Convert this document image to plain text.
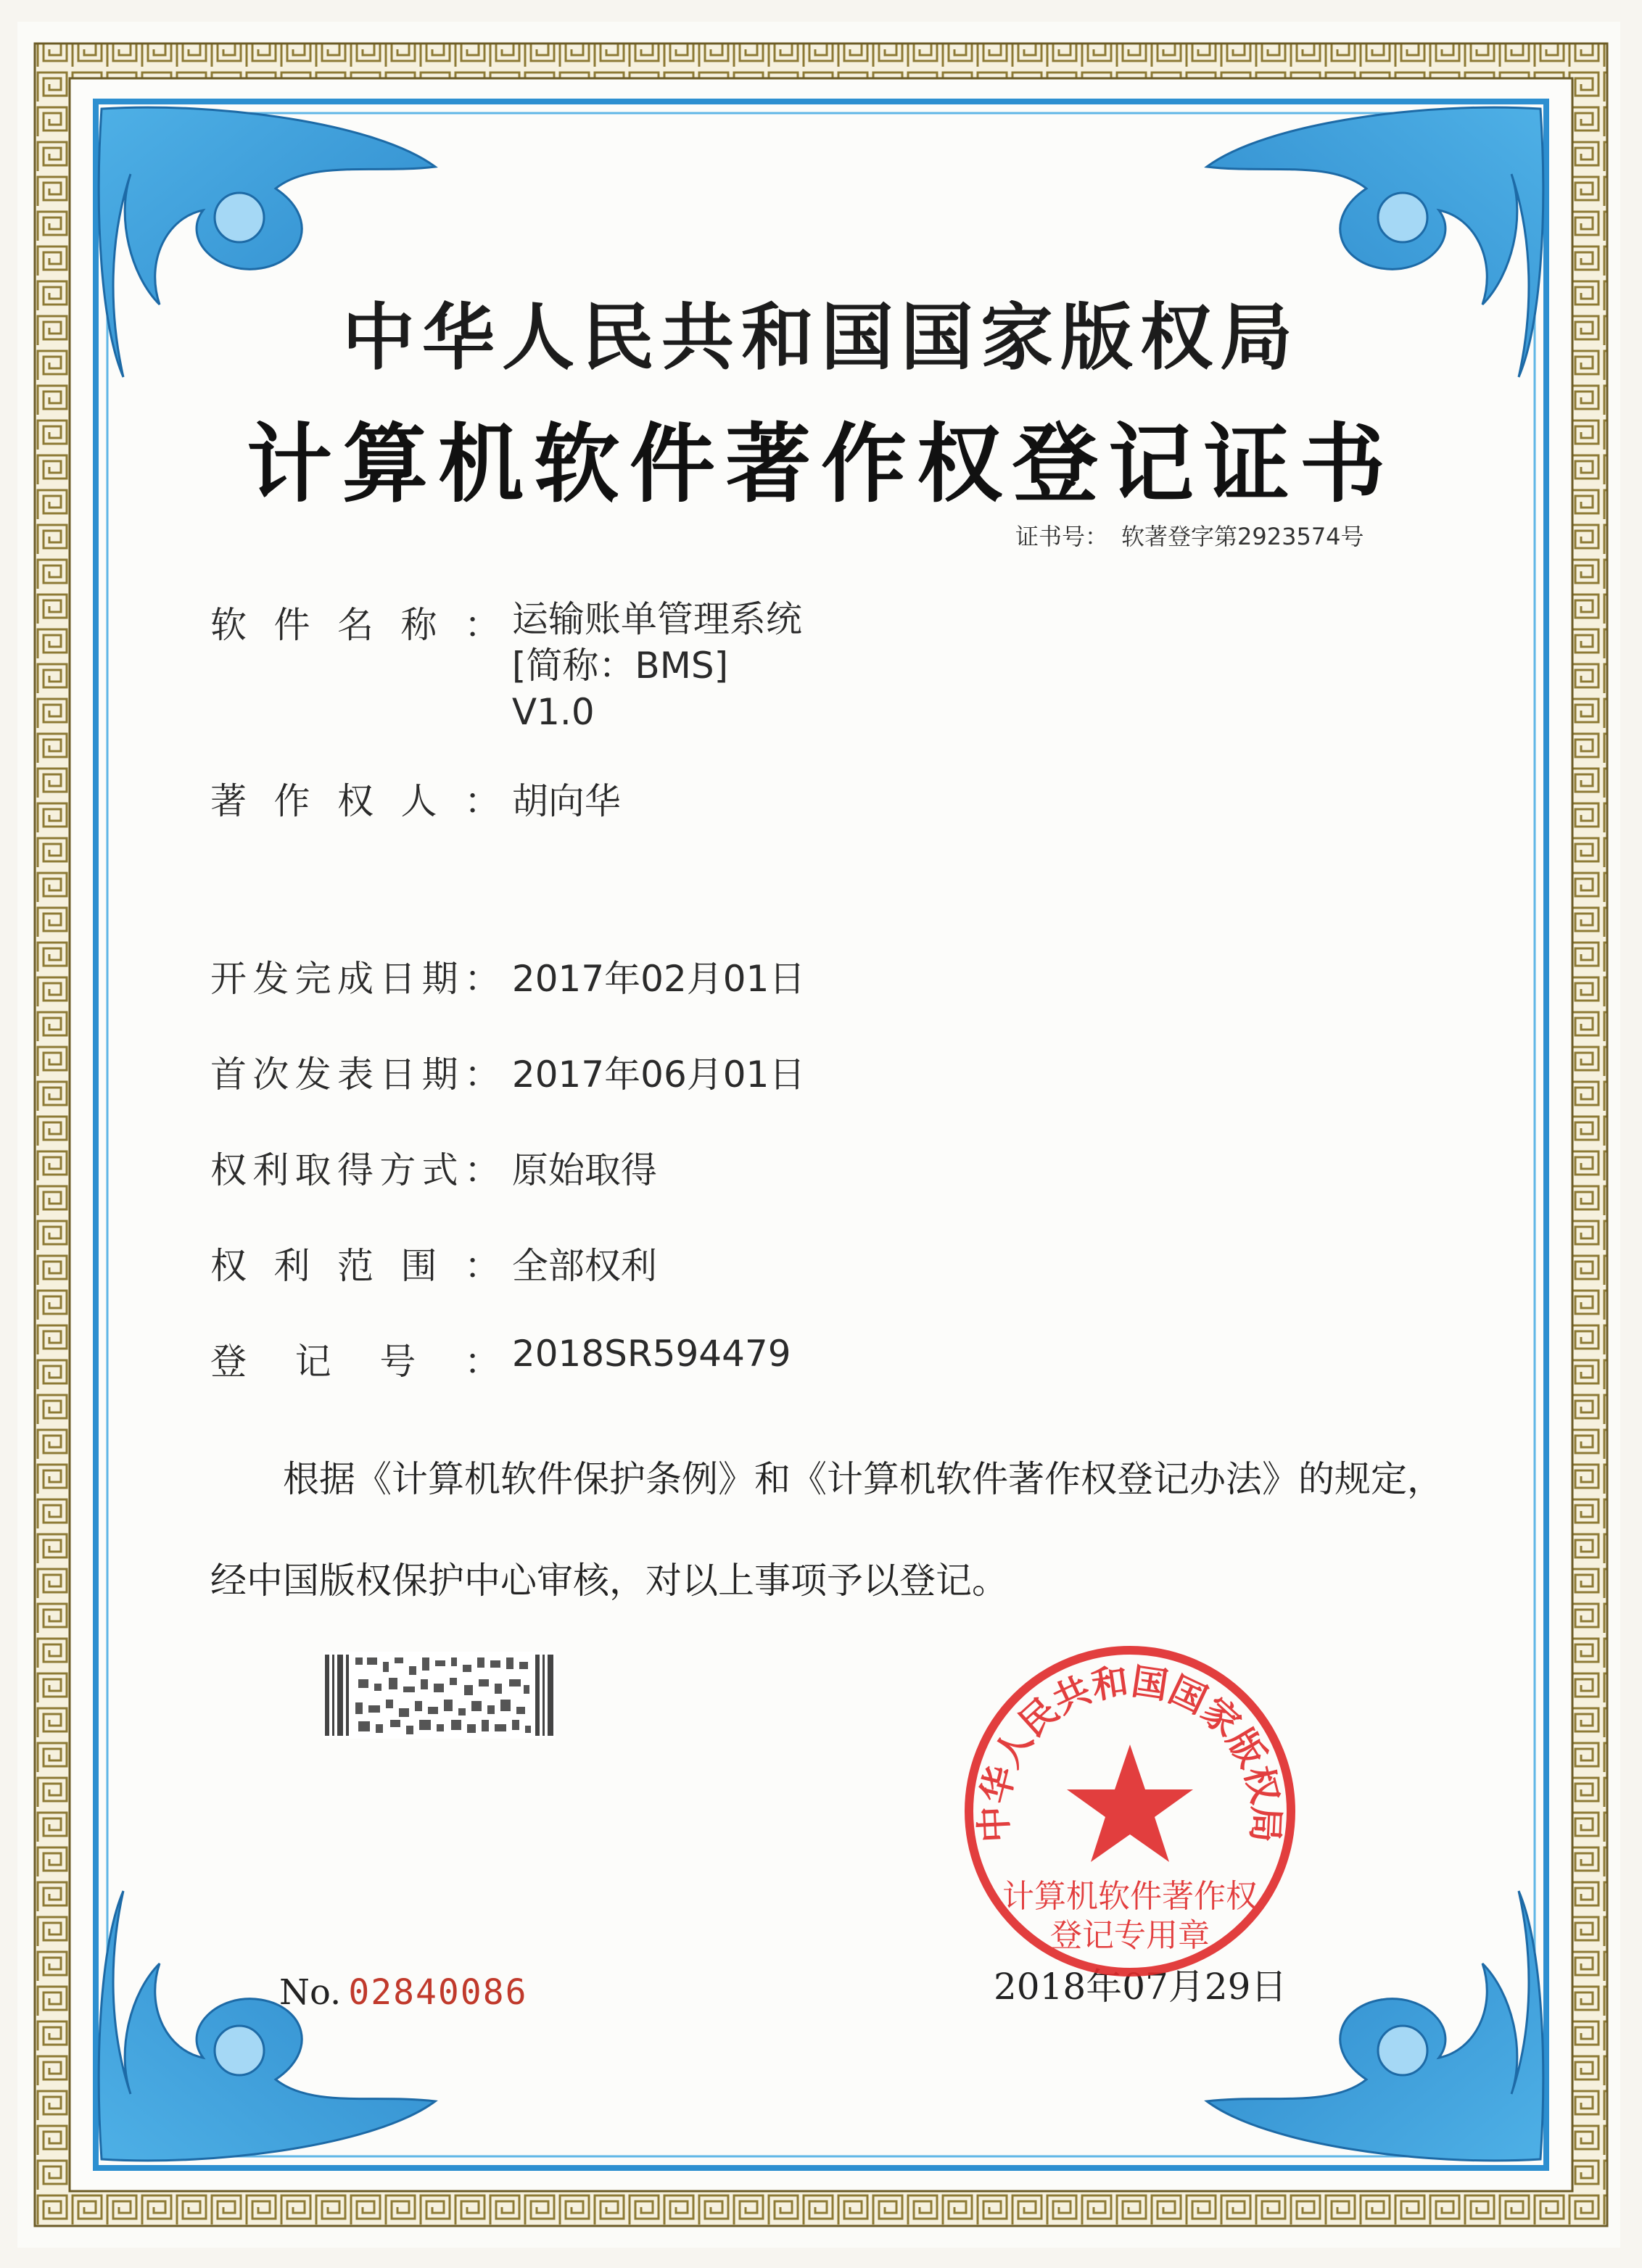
中华人民共和国国家版权局
计算机软件著作权登记证书
证书号： 软著登字第2923574号
软件名称： 运输账单管理系统
[简称：BMS]
V1.0
著作权人： 胡向华
开发完成日期： 2017年02月01日
首次发表日期： 2017年06月01日
权利取得方式： 原始取得
权利范围： 全部权利
登记号： 2018SR594479
根据《计算机软件保护条例》和《计算机软件著作权登记办法》的规定，经中国版权保护中心审核，对以上事项予以登记。
No. 02840086	2018年07月29日
中华人民共和国国家版权局
计算机软件著作权
登记专用章
